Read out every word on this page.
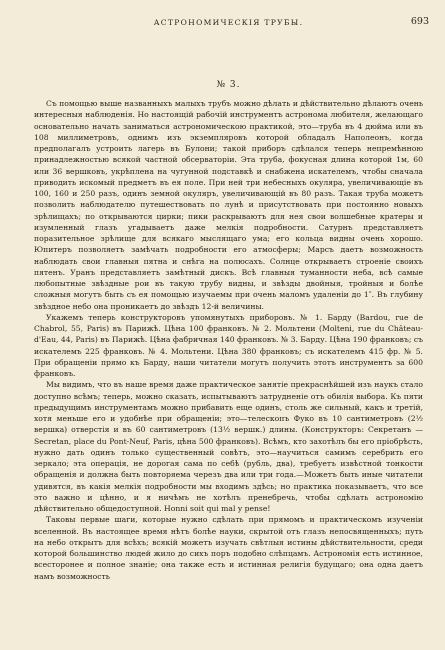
АСТРОНОМИЧЕСКІЯ ТРУБЫ.	693
№ 3.

Съ помощью выше названныхъ малыхъ трубъ можно дѣлать и дѣйствительно дѣлаютъ очень интересныя наблюденія. Но настоящій рабочій инструментъ астронома любителя, желающаго основательно начать заниматься астрономическою практикой, это—труба въ 4 дюйма или въ 108 миллиметровъ, однимъ изъ экземпляровъ которой обладалъ Наполеонъ, когда предполагалъ устроить лагерь въ Булони; такой приборъ сдѣлался теперь непремѣнною принадлежностью всякой частной обсерваторіи. Эта труба, фокусная длина которой 1м, 60 или 36 вершковъ, укрѣплена на чугунной подставкѣ и снабжена искателемъ, чтобы сначала приводить искомый предметъ въ ея поле. При ней три небесныхъ окуляра, увеличивающіе въ 100, 160 и 250 разъ, одинъ земной окуляръ, увеличивающій въ 80 разъ. Такая труба можетъ позволить наблюдателю путешествовать по лунѣ и присутствовать при постоянно новыхъ зрѣлищахъ; по открываются цирки; пики раскрываютъ для нея свои волшебные кратеры и изумленный глазъ угадываетъ даже мелкія подробности. Сатурнъ представляетъ поразительное зрѣлище для всякаго мыслящаго ума; его кольца видны очень хорошо. Юпитеръ позволяетъ замѣчать подробности его атмосферы; Марсъ даетъ возможность наблюдать свои главныя пятна и снѣга на полюсахъ. Солнце открываетъ строеніе своихъ пятенъ. Уранъ представляетъ замѣтный дискъ. Всѣ главныя туманности неба, всѣ самые любопытные звѣздные рои въ такую трубу видны, и звѣзды двойныя, тройныя и болѣе сложныя могутъ быть съ ея помощью изучаемы при очень маломъ удаленіи до 1″. Въ глубину звѣздное небо она проникаетъ до звѣздъ 12-й величины.

Укажемъ теперь конструкторовъ упомянутыхъ приборовъ. № 1. Барду (Bardou, rue de Chabrol, 55, Paris) въ Парижѣ. Цѣна 100 франковъ. № 2. Мольтени (Molteni, rue du Château-d'Eau, 44, Paris) въ Парижѣ. Цѣна фабричная 140 франковъ. № 3. Барду. Цѣна 190 франковъ; съ искателемъ 225 франковъ. № 4. Мольтени. Цѣна 380 франковъ; съ искателемъ 415 фр. № 5. При обращеніи прямо къ Барду, наши читатели могутъ получить этотъ инструментъ за 600 франковъ.

Мы видимъ, что въ наше время даже практическое занятіе прекраснѣйшей изъ наукъ стало доступно всѣмъ; теперь, можно сказать, испытываютъ затрудненіе отъ обилія выбора. Къ пяти предыдущимъ инструментамъ можно прибавить еще одинъ, столь же сильный, какъ и третій, хотя меньше его и удобнѣе при обращеніи; это—телескопъ Фуко въ 10 сантиметровъ (2½ вершка) отверстія и въ 60 сантиметровъ (13½ вершк.) длины. (Конструкторъ: Секретанъ — Secretan, place du Pont-Neuf, Paris, цѣна 500 франковъ). Всѣмъ, кто захотѣлъ бы его пріобрѣсть, нужно дать одинъ только существенный совѣтъ, это—научиться самимъ серебрить его зеркало; эта операція, не дорогая сама по себѣ (рубль, два), требуетъ извѣстной тонкости обращенія и должна быть повторяема черезъ два или три года.—Можетъ быть иные читатели удивятся, въ какія мелкія подробности мы входимъ здѣсь; но практика показываетъ, что все это важно и цѣнно, и я ничѣмъ не хотѣлъ пренебречь, чтобы сдѣлать астрономію дѣйствительно общедоступной. Honni soit qui mal y pense!

Таковы первые шаги, которые нужно сдѣлать при прямомъ и практическомъ изученіи вселенной. Въ настоящее время нѣтъ болѣе науки, скрытой отъ глазъ непосвященныхъ; путь на небо открытъ для всѣхъ; всякій можетъ изучать свѣтлыя истины дѣйствительности, среди которой большинство людей жило до сихъ поръ подобно слѣпцамъ. Астрономія есть истинное, всесторонее и полное знаніе; она также есть и истинная религія будущаго; она одна даетъ намъ возможность
